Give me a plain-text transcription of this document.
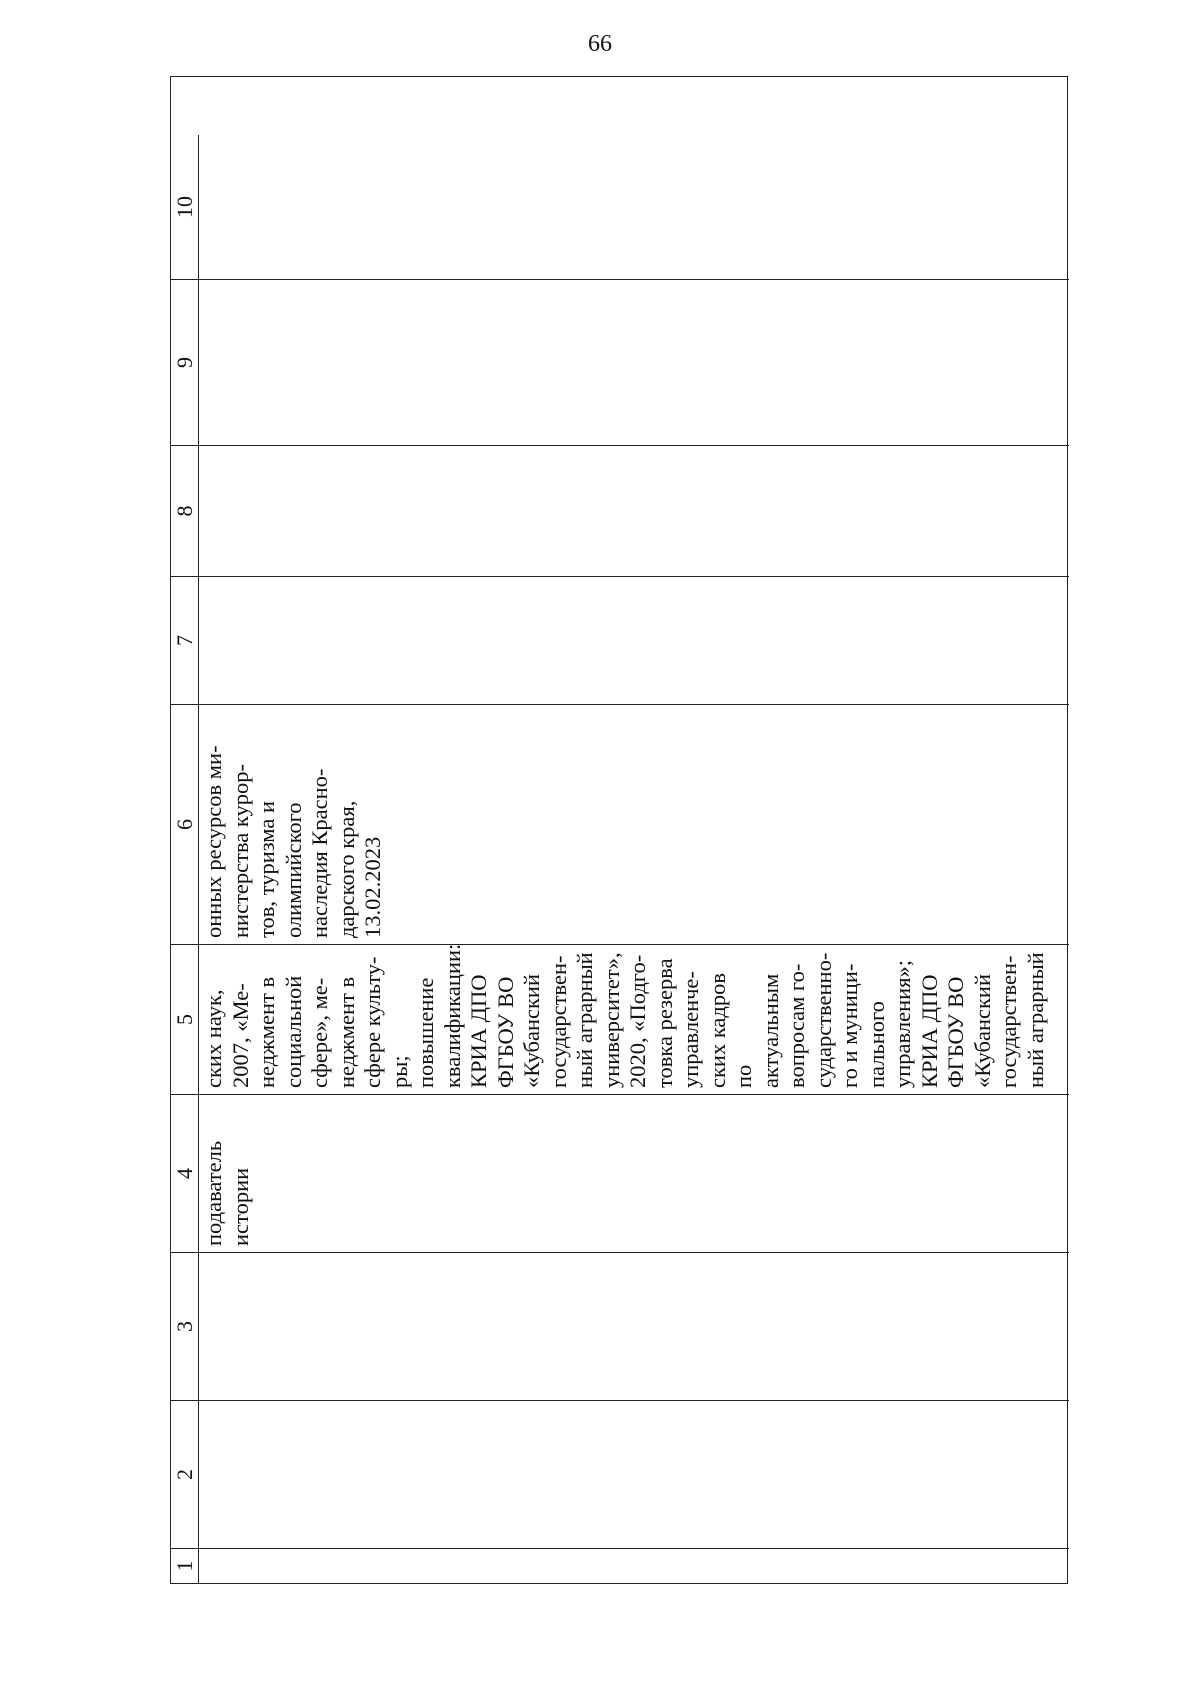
66
1
2
3
4
5
6
7
8
9
10
подаватель
истории
ских наук,
2007, «Ме-
неджмент в
социальной
сфере», ме-
неджмент в
сфере культу-
ры;
повышение
квалификации:
КРИА ДПО
ФГБОУ ВО
«Кубанский
государствен-
ный аграрный
университет»,
2020, «Подго-
товка резерва
управленче-
ских кадров
по актуальным
вопросам го-
сударственно-
го и муници-
пального
управления»;
КРИА ДПО
ФГБОУ ВО
«Кубанский
государствен-
ный аграрный
онных ресурсов ми-
нистерства курор-
тов, туризма и
олимпийского
наследия Красно-
дарского края,
13.02.2023
